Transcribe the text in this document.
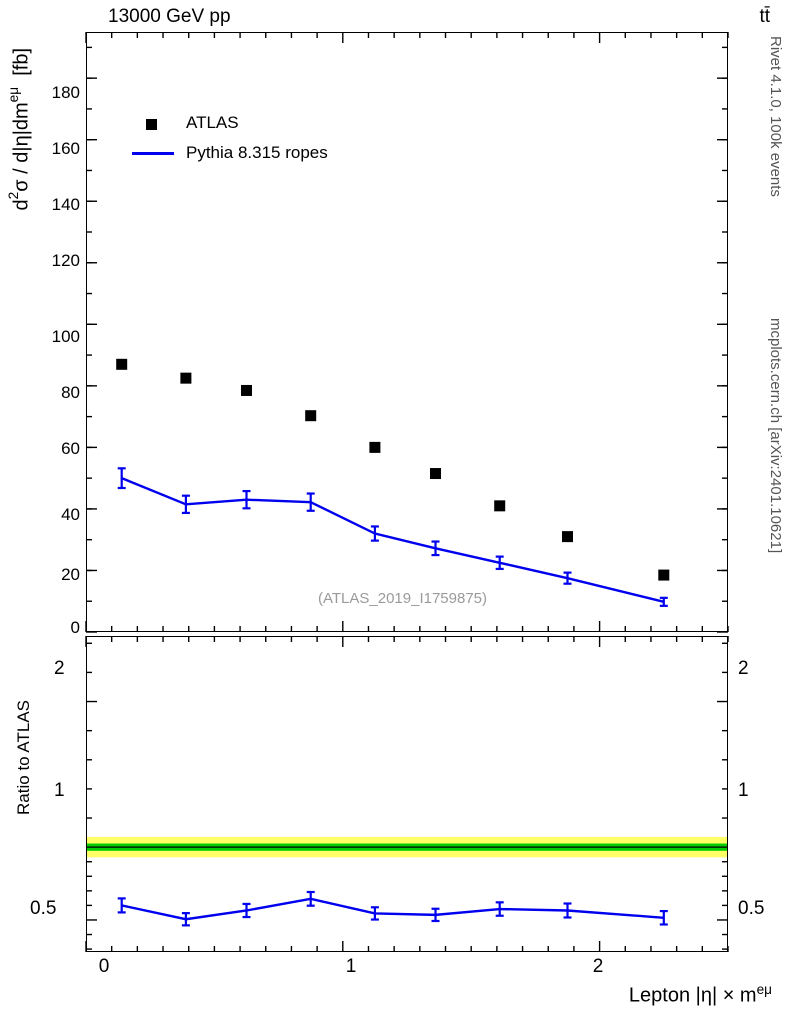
13000 GeV pp	tt̄
Rivet 4.1.0, 100k events
mcplots.cern.ch [arXiv:2401.10621]
$d^2\sigma / d|\eta|dm^{e\mu}$  [fb]
Ratio to ATLAS
Lepton $|\eta| \times m^{e\mu}$
180
160
140
120
100
80
60
40
20
0
ATLAS
Pythia 8.315 ropes
(ATLAS_2019_I1759875)
2
1
0.5
2
1
0.5
0	1	2
